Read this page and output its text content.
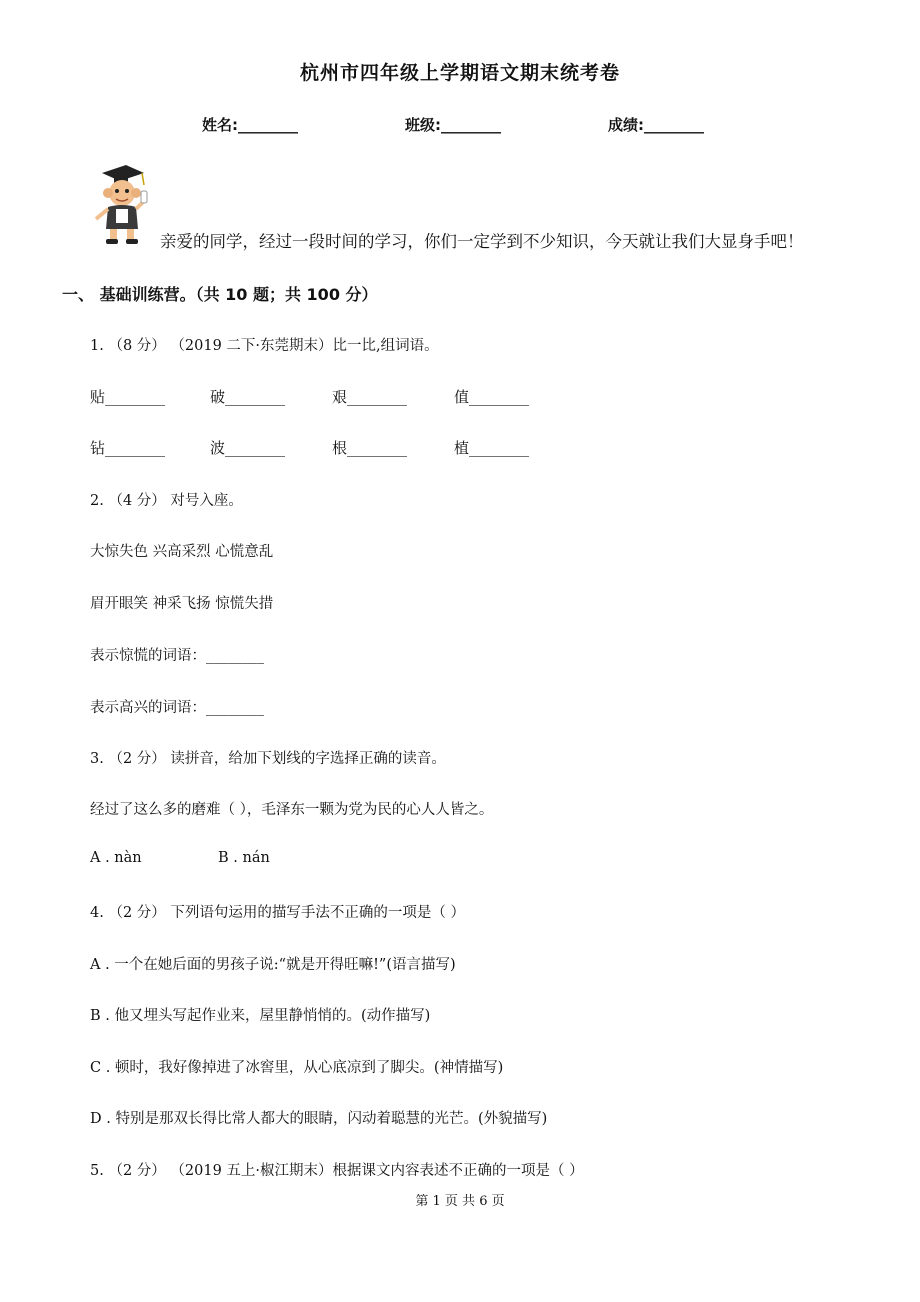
杭州市四年级上学期语文期末统考卷
姓名:________	班级:________	成绩:________
亲爱的同学，经过一段时间的学习，你们一定学到不少知识，今天就让我们大显身手吧！
一、 基础训练营。（共 10 题；共 100 分）
1. （8 分） （2019 二下·东莞期末）比一比,组词语。
贴________	破________	艰________	值________
钻________	波________	根________	植________
2. （4 分） 对号入座。
大惊失色 兴高采烈 心慌意乱
眉开眼笑 神采飞扬 惊慌失措
表示惊慌的词语：________
表示高兴的词语：________
3. （2 分） 读拼音，给加下划线的字选择正确的读音。
经过了这么多的磨难（ ），毛泽东一颗为党为民的心人人皆之。
A . nàn	B . nán
4. （2 分） 下列语句运用的描写手法不正确的一项是（ ）
A . 一个在她后面的男孩子说:“就是开得旺嘛!”(语言描写)
B . 他又埋头写起作业来，屋里静悄悄的。(动作描写)
C . 顿时，我好像掉进了冰窖里，从心底凉到了脚尖。(神情描写)
D . 特别是那双长得比常人都大的眼睛，闪动着聪慧的光芒。(外貌描写)
5. （2 分） （2019 五上·椒江期末）根据课文内容表述不正确的一项是（ ）
第 1 页 共 6 页
